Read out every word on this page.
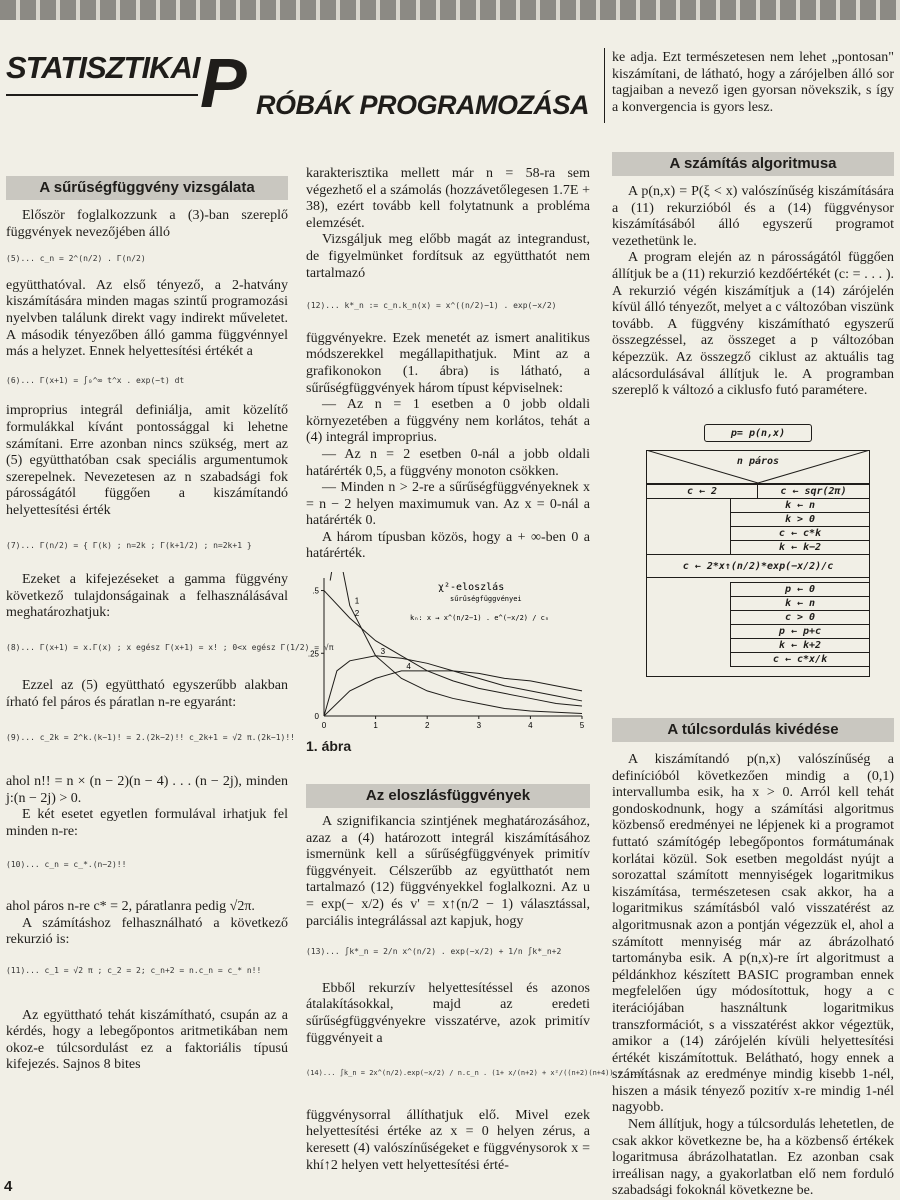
STATISZTIKAI P RÓBÁK PROGRAMOZÁSA
A sűrűségfüggvény vizsgálata

Először foglalkozzunk a (3)-ban szereplő függvények nevezőjében álló

(5)... c_n = 2^(n/2) . Γ(n/2)

együtthatóval. Az első tényező, a 2-hatvány kiszámítására minden magas szintű programozási nyelvben találunk direkt vagy indirekt műveletet. A második tényezőben álló gamma függvénnyel más a helyzet. Ennek helyettesítési értékét a

(6)... Γ(x+1) = ∫₀^∞ t^x . exp(−t) dt

improprius integrál definiálja, amit közelítő formulákkal kívánt pontossággal ki lehetne számítani. Erre azonban nincs szükség, mert az (5) együtthatóban csak speciális argumentumok szerepelnek. Nevezetesen az n szabadsági fok párosságától függően a kiszámítandó helyettesítési érték

(7)... Γ(n/2) = { Γ(k) ; n=2k ; Γ(k+1/2) ; n=2k+1 }

Ezeket a kifejezéseket a gamma függvény következő tulajdonságainak a felhasználásával meghatározhatjuk:

(8)... Γ(x+1) = x.Γ(x) ; x egész Γ(x+1) = x! ; 0<x egész Γ(1/2) = √π

Ezzel az (5) együttható egyszerűbb alakban írható fel páros és páratlan n-re egyaránt:

(9)... c_2k = 2^k.(k−1)! = 2.(2k−2)!! c_2k+1 = √2 π.(2k−1)!!

ahol n!! = n × (n − 2)(n − 4) . . . (n − 2j), minden j:(n − 2j) > 0.

E két esetet egyetlen formulával irhatjuk fel minden n-re:

(10)... c_n = c_*.(n−2)!!

ahol páros n-re c* = 2, páratlanra pedig √2π.

A számításhoz felhasználható a következő rekurzió is:

(11)... c_1 = √2 π ; c_2 = 2; c_n+2 = n.c_n = c_* n!!

Az együttható tehát kiszámítható, csupán az a kérdés, hogy a lebegőpontos aritmetikában nem okoz-e túlcsordulást ez a faktoriális típusú kifejezés. Sajnos 8 bites

karakterisztika mellett már n = 58-ra sem végezhető el a számolás (hozzávetőlegesen 1.7E + 38), ezért tovább kell folytatnunk a probléma elemzését.

Vizsgáljuk meg előbb magát az integrandust, de figyelmünket fordítsuk az együtthatót nem tartalmazó

(12)... k*_n := c_n.k_n(x) = x^((n/2)−1) . exp(−x/2)

függvényekre. Ezek menetét az ismert analitikus módszerekkel megállapithatjuk. Mint az a grafikonokon (1. ábra) is látható, a sűrűségfüggvények három típust képviselnek:

— Az n = 1 esetben a 0 jobb oldali környezetében a függvény nem korlátos, tehát a (4) integrál improprius.

— Az n = 2 esetben 0-nál a jobb oldali határérték 0,5, a függvény monoton csökken.

— Minden n > 2-re a sűrűségfüggvényeknek x = n − 2 helyen maximumuk van. Az x = 0-nál a határérték 0.

A három típusban közös, hogy a + ∞-ben 0 a határérték.

1	2	3	4	5
.5
.25
0
0
1
2
3
4
χ²-eloszlás
sűrűségfüggvényei
kₙ: x → x^(n/2−1) . e^(−x/2) / cₙ
1. ábra
Az eloszlásfüggvények

A szignifikancia szintjének meghatározásához, azaz a (4) határozott integrál kiszámításához ismernünk kell a sűrűségfüggvények primitív függvényeit. Célszerűbb az együtthatót nem tartalmazó (12) függvényekkel foglalkozni. Az u = exp(− x/2) és v' = x↑(n/2 − 1) választással, parciális integrálással azt kapjuk, hogy

(13)... ∫k*_n = 2/n x^(n/2) . exp(−x/2) + 1/n ∫k*_n+2

Ebből rekurzív helyettesítéssel és azonos átalakításokkal, majd az eredeti sűrűségfüggvényekre visszatérve, azok primitív függvényeit a

(14)... ∫k_n = 2x^(n/2).exp(−x/2) / n.c_n . (1+ x/(n+2) + x²/((n+2)(n+4)) + ...)

függvénysorral állíthatjuk elő. Mivel ezek helyettesítési értéke az x = 0 helyen zérus, a keresett (4) valószínűségeket e függvénysorok x = khí↑2 helyen vett helyettesítési érté-

ke adja. Ezt természetesen nem lehet „pontosan" kiszámítani, de látható, hogy a zárójelben álló sor tagjaiban a nevező igen gyorsan növekszik, s így a konvergencia is gyors lesz.

A számítás algoritmusa

A p(n,x) = P(ξ < x) valószínűség kiszámítására a (11) rekurzióból és a (14) függvénysor kiszámításából álló egyszerű programot vezethetünk le.

A program elején az n párosságától függően állítjuk be a (11) rekurzió kezdőértékét (c: = . . . ). A rekurzió végén kiszámítjuk a (14) zárójelén kívül álló tényezőt, melyet a c változóban viszünk tovább. A függvény kiszámítható egyszerű összegzéssel, az összeget a p változóban képezzük. Az összegző ciklust az aktuális tag alácsordulásával állítjuk le. A programban szereplő k változó a ciklusfo futó paramétere.

p= p(n,x)
n páros
c ← 2	c ← sqr(2π)
k ← n
k > 0
c ← c*k
k ← k−2
c ← 2*x↑(n/2)*exp(−x/2)/c
p ← 0
k ← n
c > 0
p ← p+c
k ← k+2
c ← c*x/k
A túlcsordulás kivédése

A kiszámítandó p(n,x) valószínűség a definícióból következően mindig a (0,1) intervallumba esik, ha x > 0. Arról kell tehát gondoskodnunk, hogy a számítási algoritmus közbenső eredményei ne lépjenek ki a programot futtató számítógép lebegőpontos formátumának korlátai közül. Sok esetben megoldást nyújt a sorozattal számított mennyiségek logaritmikus kiszámítása, természetesen csak akkor, ha a logaritmikus számításból való visszatérést az algoritmusnak azon a pontján végezzük el, ahol a számított mennyiség már az ábrázolható tartományba esik. A p(n,x)-re írt algoritmust a példánkhoz készített BASIC programban ennek megfelelően úgy módosítottuk, hogy a c iterációjában használtunk logaritmikus transzformációt, s a visszatérést akkor végeztük, amikor a (14) zárójelén kívüli helyettesítési értékét kiszámítottuk. Belátható, hogy ennek a számításnak az eredménye mindig kisebb 1-nél, hiszen a másik tényező pozitív x-re mindig 1-nél nagyobb.

Nem állítjuk, hogy a túlcsordulás lehetetlen, de csak akkor következne be, ha a közbenső értékek logaritmusa ábrázolhatatlan. Ez azonban csak irreálisan nagy, a gyakorlatban elő nem forduló szabadsági fokoknál következne be.

4
